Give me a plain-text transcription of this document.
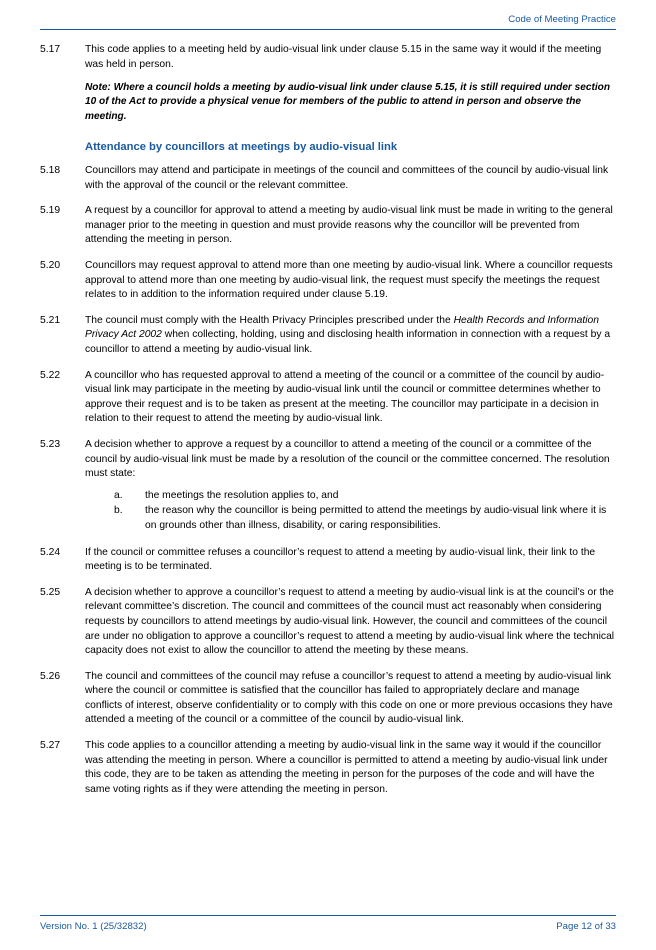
Code of Meeting Practice
5.17	This code applies to a meeting held by audio-visual link under clause 5.15 in the same way it would if the meeting was held in person.
Note: Where a council holds a meeting by audio-visual link under clause 5.15, it is still required under section 10 of the Act to provide a physical venue for members of the public to attend in person and observe the meeting.
Attendance by councillors at meetings by audio-visual link
5.18	Councillors may attend and participate in meetings of the council and committees of the council by audio-visual link with the approval of the council or the relevant committee.
5.19	A request by a councillor for approval to attend a meeting by audio-visual link must be made in writing to the general manager prior to the meeting in question and must provide reasons why the councillor will be prevented from attending the meeting in person.
5.20	Councillors may request approval to attend more than one meeting by audio-visual link. Where a councillor requests approval to attend more than one meeting by audio-visual link, the request must specify the meetings the request relates to in addition to the information required under clause 5.19.
5.21	The council must comply with the Health Privacy Principles prescribed under the Health Records and Information Privacy Act 2002 when collecting, holding, using and disclosing health information in connection with a request by a councillor to attend a meeting by audio-visual link.
5.22	A councillor who has requested approval to attend a meeting of the council or a committee of the council by audio-visual link may participate in the meeting by audio-visual link until the council or committee determines whether to approve their request and is to be taken as present at the meeting. The councillor may participate in a decision in relation to their request to attend the meeting by audio-visual link.
5.23	A decision whether to approve a request by a councillor to attend a meeting of the council or a committee of the council by audio-visual link must be made by a resolution of the council or the committee concerned. The resolution must state:
a.	the meetings the resolution applies to, and
b.	the reason why the councillor is being permitted to attend the meetings by audio-visual link where it is on grounds other than illness, disability, or caring responsibilities.
5.24	If the council or committee refuses a councillor’s request to attend a meeting by audio-visual link, their link to the meeting is to be terminated.
5.25	A decision whether to approve a councillor’s request to attend a meeting by audio-visual link is at the council’s or the relevant committee’s discretion. The council and committees of the council must act reasonably when considering requests by councillors to attend meetings by audio-visual link. However, the council and committees of the council are under no obligation to approve a councillor’s request to attend a meeting by audio-visual link where the technical capacity does not exist to allow the councillor to attend the meeting by these means.
5.26	The council and committees of the council may refuse a councillor’s request to attend a meeting by audio-visual link where the council or committee is satisfied that the councillor has failed to appropriately declare and manage conflicts of interest, observe confidentiality or to comply with this code on one or more previous occasions they have attended a meeting of the council or a committee of the council by audio-visual link.
5.27	This code applies to a councillor attending a meeting by audio-visual link in the same way it would if the councillor was attending the meeting in person. Where a councillor is permitted to attend a meeting by audio-visual link under this code, they are to be taken as attending the meeting in person for the purposes of the code and will have the same voting rights as if they were attending the meeting in person.
Version No. 1 (25/32832)	Page 12 of 33
